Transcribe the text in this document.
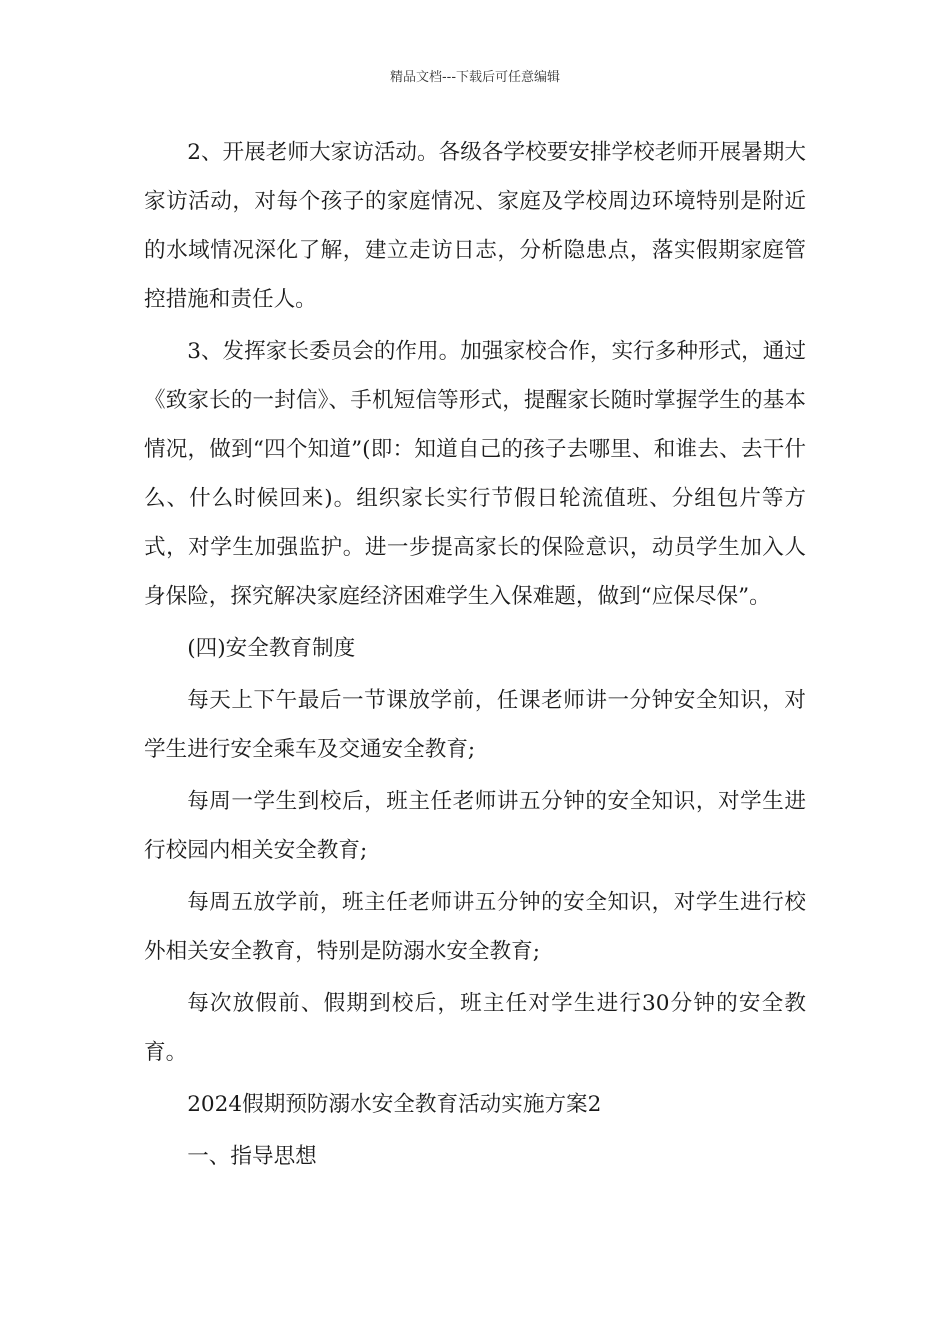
精品文档---下载后可任意编辑

2、开展老师大家访活动。各级各学校要安排学校老师开展暑期大家访活动，对每个孩子的家庭情况、家庭及学校周边环境特别是附近的水域情况深化了解，建立走访日志，分析隐患点，落实假期家庭管控措施和责任人。

3、发挥家长委员会的作用。加强家校合作，实行多种形式，通过《致家长的一封信》、手机短信等形式，提醒家长随时掌握学生的基本情况，做到“四个知道”(即：知道自己的孩子去哪里、和谁去、去干什么、什么时候回来)。组织家长实行节假日轮流值班、分组包片等方式，对学生加强监护。进一步提高家长的保险意识，动员学生加入人身保险，探究解决家庭经济困难学生入保难题，做到“应保尽保”。

(四)安全教育制度

每天上下午最后一节课放学前，任课老师讲一分钟安全知识，对学生进行安全乘车及交通安全教育;

每周一学生到校后，班主任老师讲五分钟的安全知识，对学生进行校园内相关安全教育;

每周五放学前，班主任老师讲五分钟的安全知识，对学生进行校外相关安全教育，特别是防溺水安全教育;

每次放假前、假期到校后，班主任对学生进行30分钟的安全教育。

2024假期预防溺水安全教育活动实施方案2

一、指导思想
